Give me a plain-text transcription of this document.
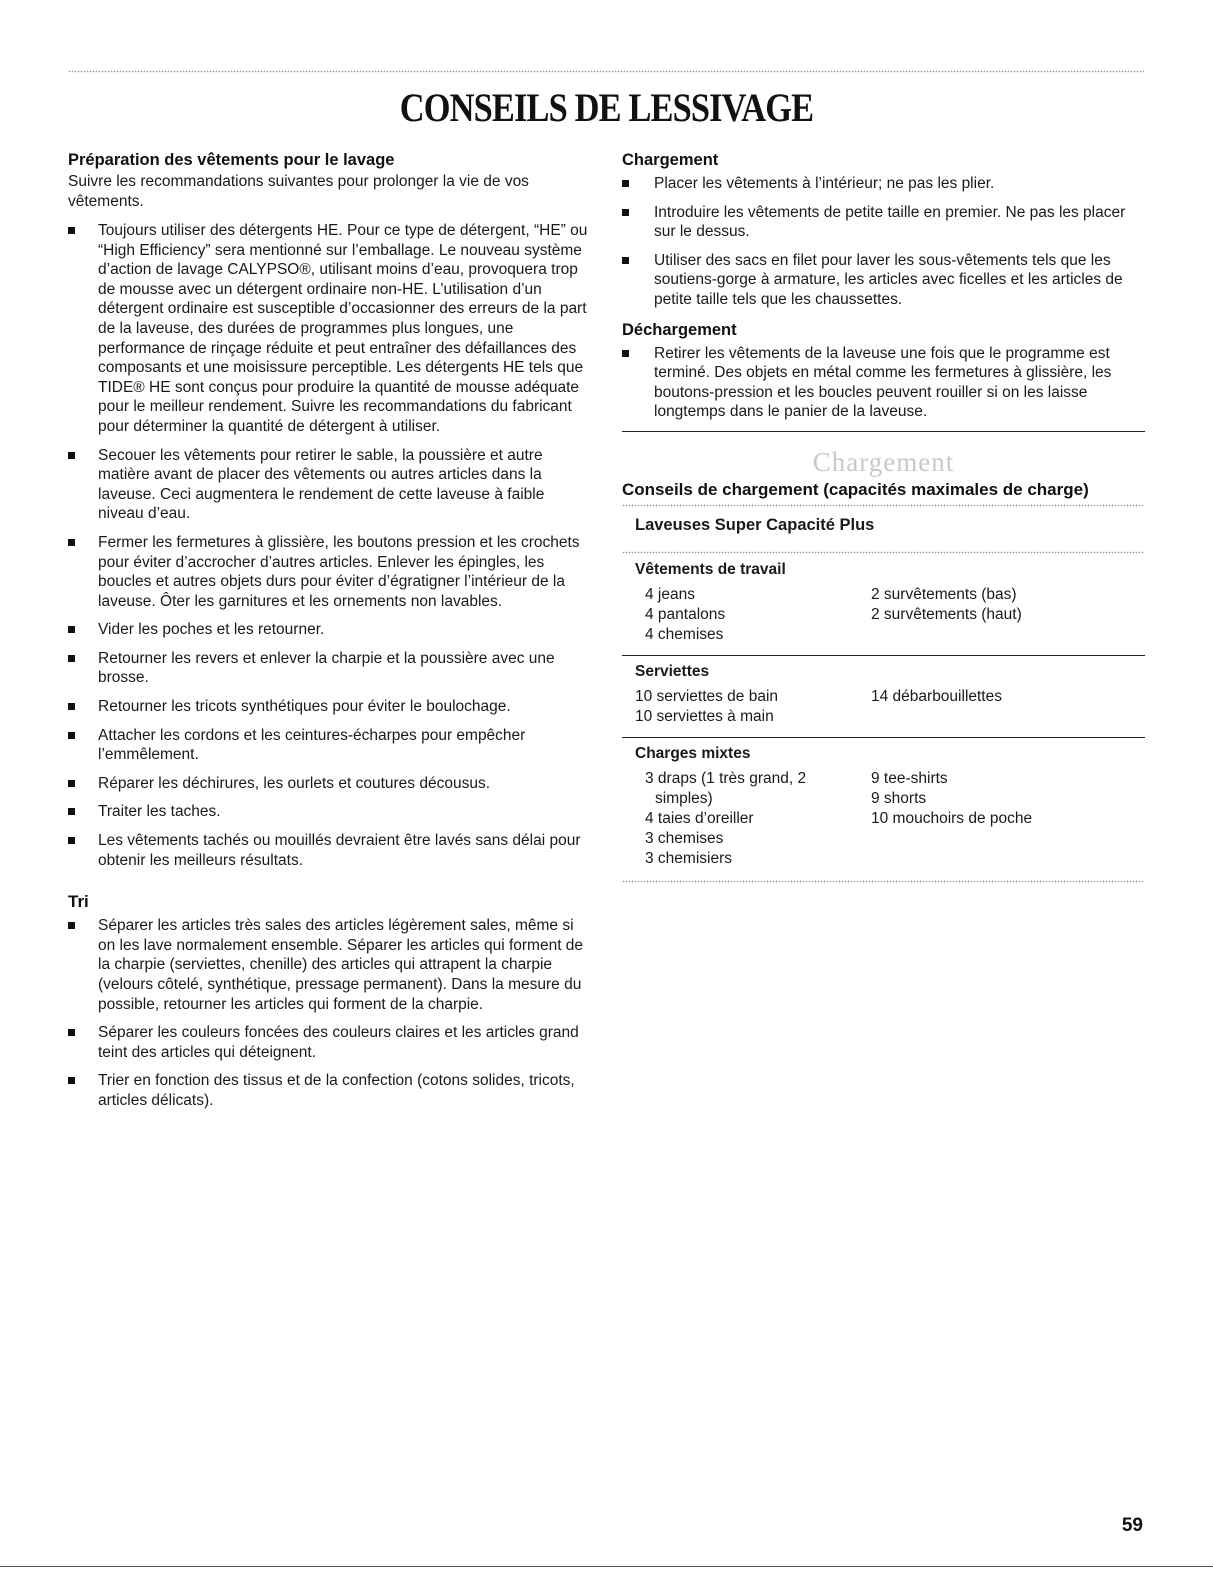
CONSEILS DE LESSIVAGE
Préparation des vêtements pour le lavage

Suivre les recommandations suivantes pour prolonger la vie de vos vêtements.

Toujours utiliser des détergents HE. Pour ce type de détergent, “HE” ou “High Efficiency” sera mentionné sur l’emballage. Le nouveau système d’action de lavage CALYPSO®, utilisant moins d’eau, provoquera trop de mousse avec un détergent ordinaire non-HE. L’utilisation d’un détergent ordinaire est susceptible d’occasionner des erreurs de la part de la laveuse, des durées de programmes plus longues, une performance de rinçage réduite et peut entraîner des défaillances des composants et une moisissure perceptible. Les détergents HE tels que TIDE® HE sont conçus pour produire la quantité de mousse adéquate pour le meilleur rendement. Suivre les recommandations du fabricant pour déterminer la quantité de détergent à utiliser.
Secouer les vêtements pour retirer le sable, la poussière et autre matière avant de placer des vêtements ou autres articles dans la laveuse. Ceci augmentera le rendement de cette laveuse à faible niveau d’eau.
Fermer les fermetures à glissière, les boutons pression et les crochets pour éviter d’accrocher d’autres articles. Enlever les épingles, les boucles et autres objets durs pour éviter d’égratigner l’intérieur de la laveuse. Ôter les garnitures et les ornements non lavables.
Vider les poches et les retourner.
Retourner les revers et enlever la charpie et la poussière avec une brosse.
Retourner les tricots synthétiques pour éviter le boulochage.
Attacher les cordons et les ceintures-écharpes pour empêcher l’emmêlement.
Réparer les déchirures, les ourlets et coutures décousus.
Traiter les taches.
Les vêtements tachés ou mouillés devraient être lavés sans délai pour obtenir les meilleurs résultats.
Tri
Séparer les articles très sales des articles légèrement sales, même si on les lave normalement ensemble. Séparer les articles qui forment de la charpie (serviettes, chenille) des articles qui attrapent la charpie (velours côtelé, synthétique, pressage permanent). Dans la mesure du possible, retourner les articles qui forment de la charpie.
Séparer les couleurs foncées des couleurs claires et les articles grand teint des articles qui déteignent.
Trier en fonction des tissus et de la confection (cotons solides, tricots, articles délicats).
Chargement
Placer les vêtements à l’intérieur; ne pas les plier.
Introduire les vêtements de petite taille en premier. Ne pas les placer sur le dessus.
Utiliser des sacs en filet pour laver les sous-vêtements tels que les soutiens-gorge à armature, les articles avec ficelles et les articles de petite taille tels que les chaussettes.
Déchargement
Retirer les vêtements de la laveuse une fois que le programme est terminé. Des objets en métal comme les fermetures à glissière, les boutons-pression et les boucles peuvent rouiller si on les laisse longtemps dans le panier de la laveuse.
Chargement
Conseils de chargement (capacités maximales de charge)
Laveuses Super Capacité Plus
Vêtements de travail
4 jeans
4 pantalons
4 chemises
2 survêtements (bas)
2 survêtements (haut)
Serviettes
10 serviettes de bain
10 serviettes à main
14 débarbouillettes
Charges mixtes
3 draps (1 très grand, 2
simples)
4 taies d’oreiller
3 chemises
3 chemisiers
9 tee-shirts
9 shorts
10 mouchoirs de poche
59
